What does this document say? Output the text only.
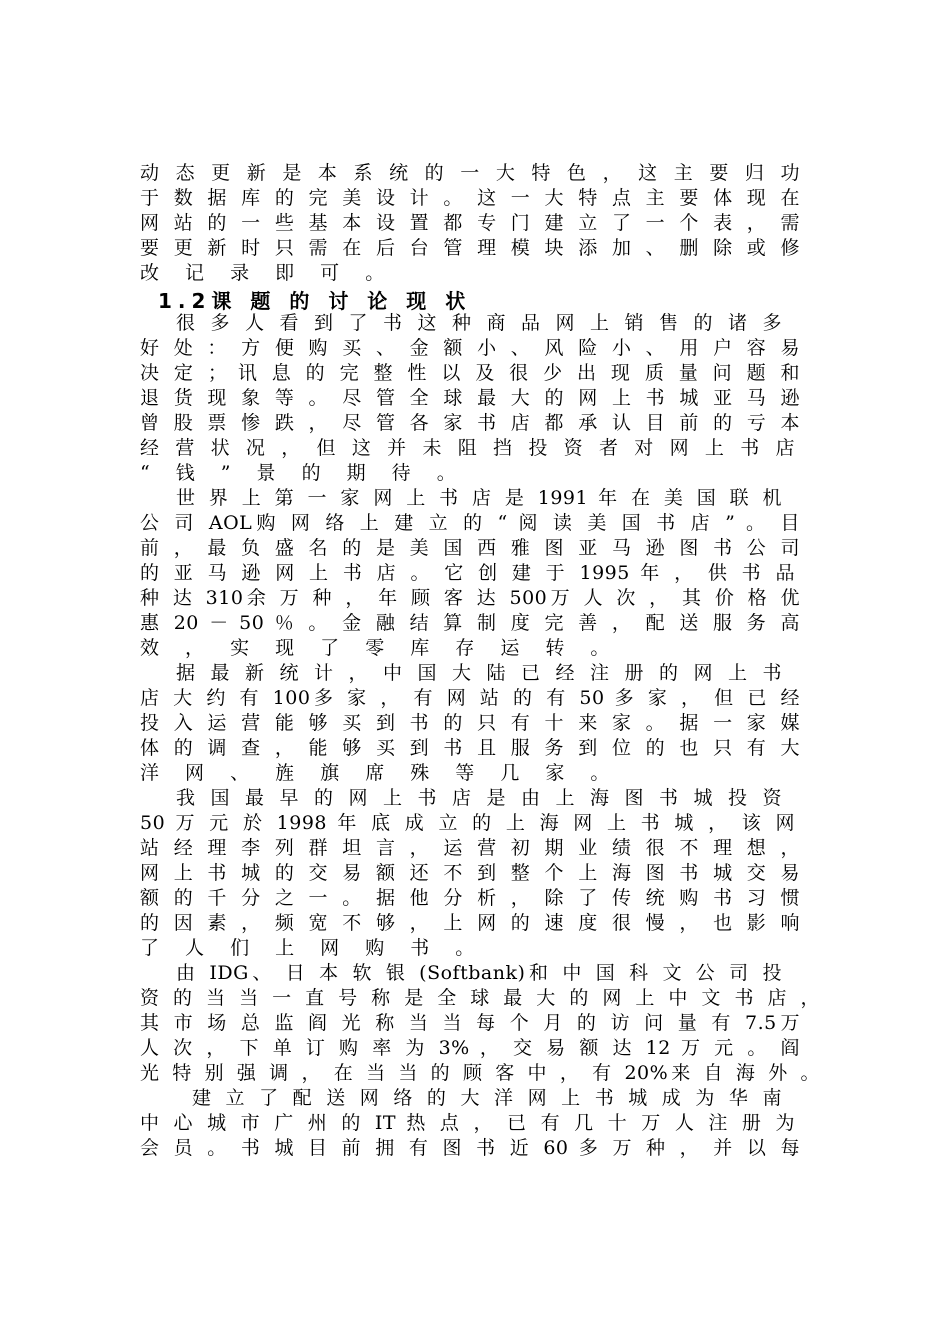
动 态 更 新 是 本 系 统 的 一 大 特 色 ， 这 主 要 归 功
于 数 据 库 的 完 美 设 计 。 这 一 大 特 点 主 要 体 现 在
网 站 的 一 些 基 本 设 置 都 专 门 建 立 了 一 个 表 ， 需
要 更 新 时 只 需 在 后 台 管 理 模 块 添 加 、 删 除 或 修
改 记 录 即 可 。
1.2课 题 的 讨 论 现 状
很 多 人 看 到 了 书 这 种 商 品 网 上 销 售 的 诸 多
好 处 ： 方 便 购 买 、 金 额 小 、 风 险 小 、 用 户 容 易
决 定 ； 讯 息 的 完 整 性 以 及 很 少 出 现 质 量 问 题 和
退 货 现 象 等 。 尽 管 全 球 最 大 的 网 上 书 城 亚 马 逊
曾 股 票 惨 跌 ， 尽 管 各 家 书 店 都 承 认 目 前 的 亏 本
经 营 状 况 ， 但 这 并 未 阻 挡 投 资 者 对 网 上 书 店
“ 钱 ” 景 的 期 待 。
世 界 上 第 一 家 网 上 书 店 是 1991 年 在 美 国 联 机
公 司 AOL购 网 络 上 建 立 的 “ 阅 读 美 国 书 店 ” 。 目
前 ， 最 负 盛 名 的 是 美 国 西 雅 图 亚 马 逊 图 书 公 司
的 亚 马 逊 网 上 书 店 。 它 创 建 于 1995 年 ， 供 书 品
种 达 310余 万 种 ， 年 顾 客 达 500万 人 次 ， 其 价 格 优
惠 20 － 50 ％ 。 金 融 结 算 制 度 完 善 ， 配 送 服 务 高
效 ， 实 现 了 零 库 存 运 转 。
据 最 新 统 计 ， 中 国 大 陆 已 经 注 册 的 网 上 书
店 大 约 有 100多 家 ， 有 网 站 的 有 50 多 家 ， 但 已 经
投 入 运 营 能 够 买 到 书 的 只 有 十 来 家 。 据 一 家 媒
体 的 调 查 ， 能 够 买 到 书 且 服 务 到 位 的 也 只 有 大
洋 网 、 旌 旗 席 殊 等 几 家 。
我 国 最 早 的 网 上 书 店 是 由 上 海 图 书 城 投 资
50 万 元 於 1998 年 底 成 立 的 上 海 网 上 书 城 ， 该 网
站 经 理 李 列 群 坦 言 ， 运 营 初 期 业 绩 很 不 理 想 ，
网 上 书 城 的 交 易 额 还 不 到 整 个 上 海 图 书 城 交 易
额 的 千 分 之 一 。 据 他 分 析 ， 除 了 传 统 购 书 习 惯
的 因 素 ， 频 宽 不 够 ， 上 网 的 速 度 很 慢 ， 也 影 响
了 人 们 上 网 购 书 。
由 IDG、 日 本 软 银 (Softbank)和 中 国 科 文 公 司 投
资 的 当 当 一 直 号 称 是 全 球 最 大 的 网 上 中 文 书 店 ，
其 市 场 总 监 阎 光 称 当 当 每 个 月 的 访 问 量 有 7.5万
人 次 ， 下 单 订 购 率 为 3% ， 交 易 额 达 12 万 元 。 阎
光 特 别 强 调 ， 在 当 当 的 顾 客 中 ， 有 20%来 自 海 外 。
建 立 了 配 送 网 络 的 大 洋 网 上 书 城 成 为 华 南
中 心 城 市 广 州 的 IT 热 点 ， 已 有 几 十 万 人 注 册 为
会 员 。 书 城 目 前 拥 有 图 书 近 60 多 万 种 ， 并 以 每
